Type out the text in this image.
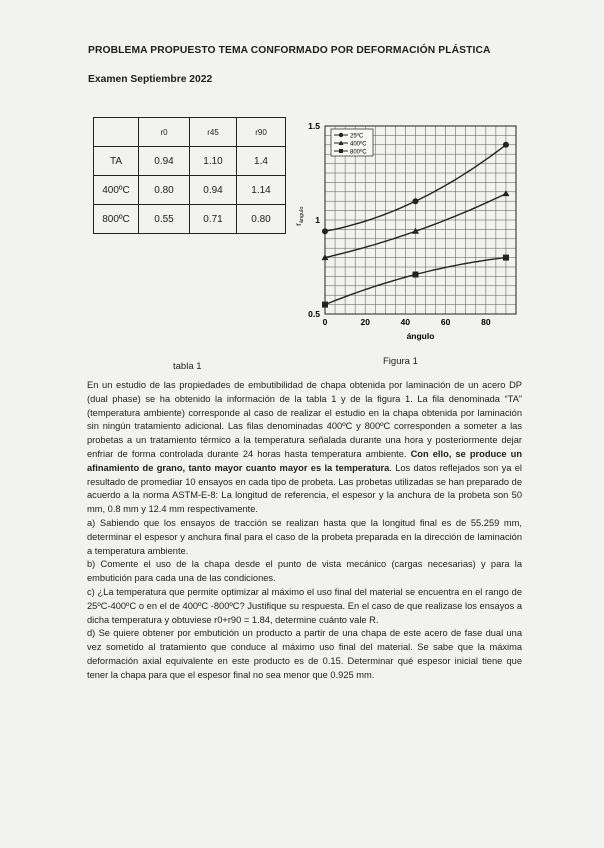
PROBLEMA PROPUESTO TEMA CONFORMADO POR DEFORMACIÓN PLÁSTICA
Examen Septiembre 2022
	r0	r45	r90
TA	0.94	1.10	1.4
400ºC	0.80	0.94	1.14
800ºC	0.55	0.71	0.80
tabla 1
0	20	40	60	80
0.5
1
1.5
25ºC
400ºC
800ºC
ángulo
$r_{ángulo}$
Figura 1

En un estudio de las propiedades de embutibilidad de chapa obtenida por laminación de un acero DP (dual phase) se ha obtenido la información de la tabla 1 y de la figura 1. La fila denominada “TA” (temperatura ambiente) corresponde al caso de realizar el estudio en la chapa obtenida por laminación sin ningún tratamiento adicional. Las filas denominadas 400ºC y 800ºC corresponden a someter a las probetas a un tratamiento térmico a la temperatura señalada durante una hora y posteriormente dejar enfriar de forma controlada durante 24 horas hasta temperatura ambiente. Con ello, se produce un afinamiento de grano, tanto mayor cuanto mayor es la temperatura. Los datos reflejados son ya el resultado de promediar 10 ensayos en cada tipo de probeta. Las probetas utilizadas se han preparado de acuerdo a la norma ASTM-E-8: La longitud de referencia, el espesor y la anchura de la probeta son 50 mm, 0.8 mm y 12.4 mm respectivamente.

a) Sabiendo que los ensayos de tracción se realizan hasta que la longitud final es de 55.259 mm, determinar el espesor y anchura final para el caso de la probeta preparada en la dirección de laminación a temperatura ambiente.

b) Comente el uso de la chapa desde el punto de vista mecánico (cargas necesarias) y para la embutición para cada una de las condiciones.

c) ¿La temperatura que permite optimizar al máximo el uso final del material se encuentra en el rango de 25ºC-400ºC o en el de 400ºC -800ºC? Justifique su respuesta. En el caso de que realizase los ensayos a dicha temperatura y obtuviese r0+r90 = 1.84, determine cuánto vale R.

d) Se quiere obtener por embutición un producto a partir de una chapa de este acero de fase dual una vez sometido al tratamiento que conduce al máximo uso final del material. Se sabe que la máxima deformación axial equivalente en este producto es de 0.15. Determinar qué espesor inicial tiene que tener la chapa para que el espesor final no sea menor que 0.925 mm.
